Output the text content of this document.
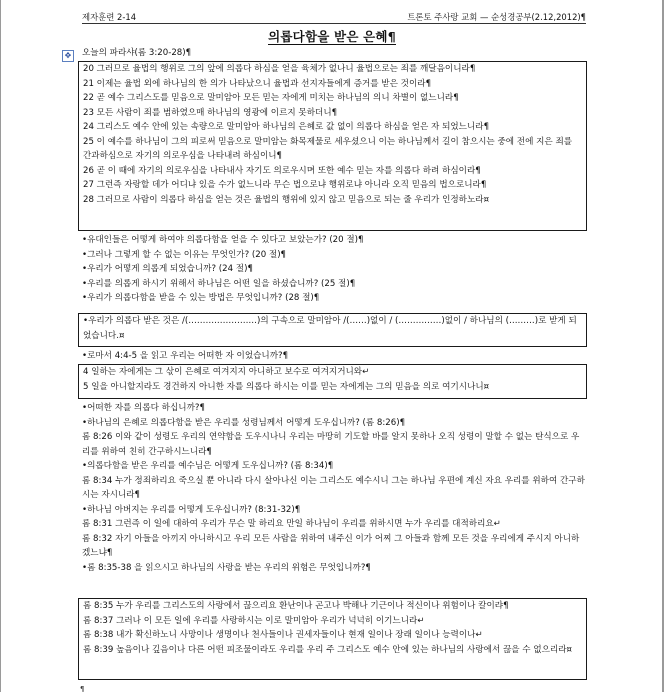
제자훈련 2-14	트론토 주사랑 교회 — 순성경공부(2.12,2012)¶
의롭다함을 받은 은혜¶
✥	오늘의 파라샤(롬 3:20-28)¶
20 그러므로 율법의 행위로 그의 앞에 의롭다 하심을 얻을 육체가 없나니 율법으로는 죄를 깨달음이니라¶
21 이제는 율법 외에 하나님의 한 의가 나타났으니 율법과 선지자들에게 증거를 받은 것이라¶
22 곧 예수 그리스도를 믿음으로 말미암아 모든 믿는 자에게 미치는 하나님의 의니 차별이 없느니라¶
23 모든 사람이 죄를 범하였으매 하나님의 영광에 이르지 못하더니¶
24 그리스도 예수 안에 있는 속량으로 말미암아 하나님의 은혜로 값 없이 의롭다 하심을 얻은 자 되었느니라¶
25 이 예수를 하나님이 그의 피로써 믿음으로 말미암는 화목제물로 세우셨으니 이는 하나님께서 길이 참으시는 중에 전에 지은 죄를 간과하심으로 자기의 의로우심을 나타내려 하심이니¶
26 곧 이 때에 자기의 의로우심을 나타내사 자기도 의로우시며 또한 예수 믿는 자를 의롭다 하려 하심이라¶
27 그런즉 자랑할 데가 어디냐 있을 수가 없느니라 무슨 법으로냐 행위로냐 아니라 오직 믿음의 법으로니라¶
28 그러므로 사람이 의롭다 하심을 얻는 것은 율법의 행위에 있지 않고 믿음으로 되는 줄 우리가 인정하노라¤
•유대인들은 어떻게 하여야 의롭다함을 얻을 수 있다고 보았는가? (20 절)¶
•그러나 그렇게 할 수 없는 이유는 무엇인가? (20 절)¶
•우리가 어떻게 의롭게 되었습니까? (24 절)¶
•우리를 의롭게 하시기 위해서 하나님은 어떤 일을 하셨습니까? (25 절)¶
•우리가 의롭다함을 받을 수 있는 방법은 무엇입니까? (28 절)¶
•우리가 의롭다 받은 것은 /(……………………)의 구속으로 말미암아 /(……)없이 / (……………)없이 / 하나님의 (………)로 받게 되었습니다.¤
•로마서 4:4-5 을 읽고 우리는 어떠한 자 이었습니까?¶
4 일하는 자에게는 그 삯이 은혜로 여겨지지 아니하고 보수로 여겨지거니와↵
5 일을 아니할지라도 경건하지 아니한 자를 의롭다 하시는 이를 믿는 자에게는 그의 믿음을 의로 여기시나니¤
•어떠한 자를 의롭다 하십니까?¶
•하나님의 은혜로 의롭다함을 받은 우리를 성령님께서 어떻게 도우십니까? (롬 8:26)¶
롬 8:26 이와 같이 성령도 우리의 연약함을 도우시나니 우리는 마땅히 기도할 바를 알지 못하나 오직 성령이 말할 수 없는 탄식으로 우리를 위하여 친히 간구하시느니라¶
•의롭다함을 받은 우리를 예수님은 어떻게 도우십니까? (롬 8:34)¶
롬 8:34 누가 정죄하리요 죽으실 뿐 아니라 다시 살아나신 이는 그리스도 예수시니 그는 하나님 우편에 계신 자요 우리를 위하여 간구하시는 자시니라¶
•하나님 아버지는 우리를 어떻게 도우십니까? (8:31-32)¶
롬 8:31 그런즉 이 일에 대하여 우리가 무슨 말 하리요 만일 하나님이 우리를 위하시면 누가 우리를 대적하리요↵
롬 8:32 자기 아들을 아끼지 아니하시고 우리 모든 사람을 위하여 내주신 이가 어찌 그 아들과 함께 모든 것을 우리에게 주시지 아니하겠느냐¶
•롬 8:35-38 을 읽으시고 하나님의 사랑을 받는 우리의 위험은 무엇입니까?¶
롬 8:35 누가 우리를 그리스도의 사랑에서 끊으리요 환난이나 곤고나 박해나 기근이나 적신이나 위험이나 칼이랴¶
롬 8:37 그러나 이 모든 일에 우리를 사랑하시는 이로 말미암아 우리가 넉넉히 이기느니라↵
롬 8:38 내가 확신하노니 사망이나 생명이나 천사들이나 권세자들이나 현재 일이나 장래 일이나 능력이나↵
롬 8:39 높음이나 깊음이나 다른 어떤 피조물이라도 우리를 우리 주 그리스도 예수 안에 있는 하나님의 사랑에서 끊을 수 없으리라¤
¶
